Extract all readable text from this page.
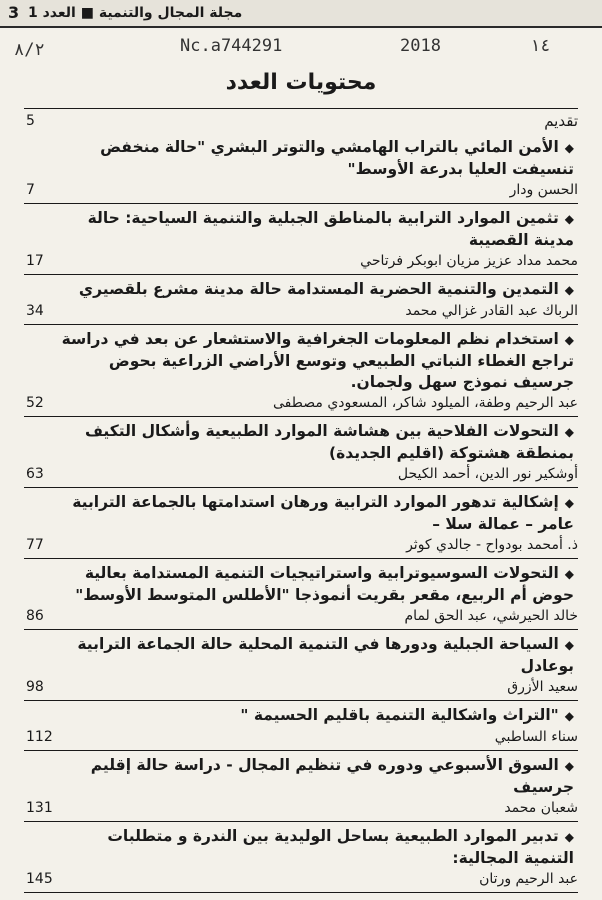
3 مجلة المجال والتنمية ■ العدد 1
٨/٢	Nc.a744291	2018	١٤
محتويات العدد
تقديم
5
◆الأمن المائي بالتراب الهامشي والتوتر البشري "حالة منخفض تنسيفت العليا بدرعة الأوسط"
الحسن ودار
7
◆تثمين الموارد الترابية بالمناطق الجبلية والتنمية السياحية: حالة مدينة القصيبة
محمد مداد عزيز مزيان ابوبكر فرتاحي
17
◆التمدين والتنمية الحضرية المستدامة حالة مدينة مشرع بلقصيري
الرباك عبد القادر غزالي محمد
34
◆استخدام نظم المعلومات الجغرافية والاستشعار عن بعد في دراسة تراجع الغطاء النباتي الطبيعي وتوسع الأراضي الزراعية بحوض جرسيف نموذج سهل ولجمان.
عبد الرحيم وطفة، الميلود شاكر، المسعودي مصطفى
52
◆التحولات الفلاحية بين هشاشة الموارد الطبيعية وأشكال التكيف بمنطقة هشتوكة (اقليم الجديدة)
أوشكير نور الدين، أحمد الكيحل
63
◆إشكالية تدهور الموارد الترابية ورهان استدامتها بالجماعة الترابية عامر – عمالة سلا –
ذ. أمحمد بودواح - جالدي كوثر
77
◆التحولات السوسيوترابية واستراتيجيات التنمية المستدامة بعالية حوض أم الربيع، مقعر بقريت أنموذجا "الأطلس المتوسط الأوسط"
خالد الحيرشي، عبد الحق لمام
86
◆السياحة الجبلية ودورها في التنمية المحلية حالة الجماعة الترابية بوعادل
سعيد الأزرق
98
◆"التراث واشكالية التنمية باقليم الحسيمة "
سناء الساطبي
112
◆السوق الأسبوعي ودوره في تنظيم المجال - دراسة حالة إقليم جرسيف
شعبان محمد
131
◆تدبير الموارد الطبيعية بساحل الوليدية بين الندرة و متطلبات التنمية المجالية:
عبد الرحيم ورتان
145
